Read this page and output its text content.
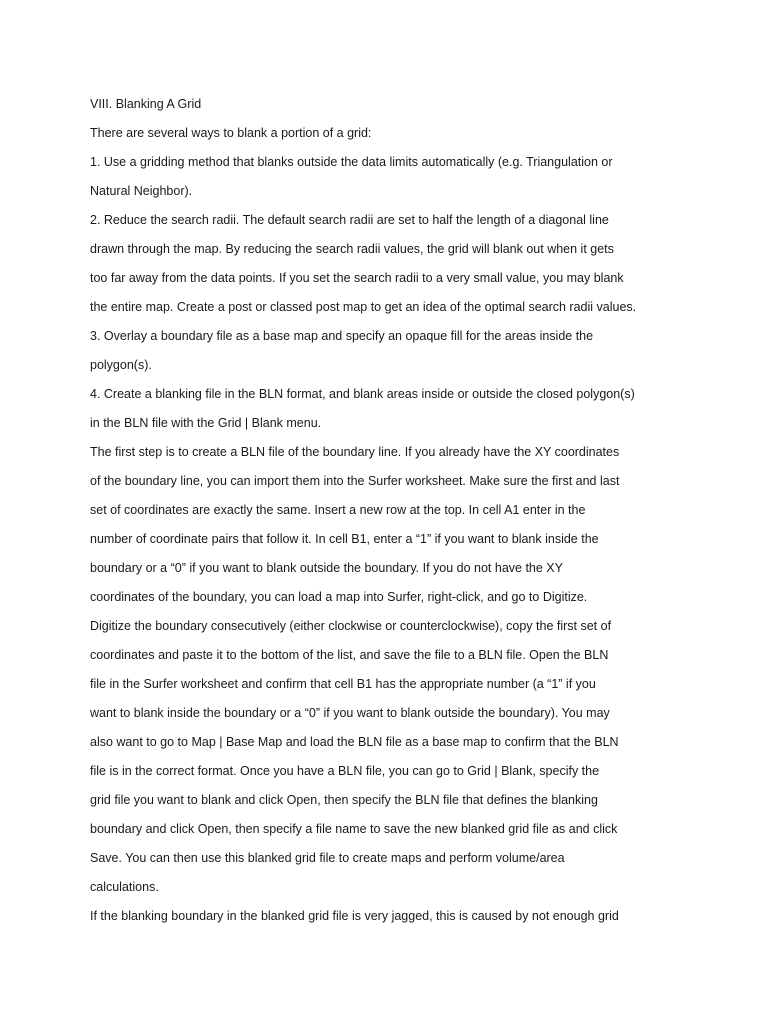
VIII. Blanking A Grid
There are several ways to blank a portion of a grid:
1. Use a gridding method that blanks outside the data limits automatically (e.g. Triangulation or
Natural Neighbor).
2. Reduce the search radii. The default search radii are set to half the length of a diagonal line
drawn through the map. By reducing the search radii values, the grid will blank out when it gets
too far away from the data points. If you set the search radii to a very small value, you may blank
the entire map. Create a post or classed post map to get an idea of the optimal search radii values.
3. Overlay a boundary file as a base map and specify an opaque fill for the areas inside the
polygon(s).
4. Create a blanking file in the BLN format, and blank areas inside or outside the closed polygon(s)
in the BLN file with the Grid | Blank menu.
The first step is to create a BLN file of the boundary line. If you already have the XY coordinates
of the boundary line, you can import them into the Surfer worksheet. Make sure the first and last
set of coordinates are exactly the same. Insert a new row at the top. In cell A1 enter in the
number of coordinate pairs that follow it. In cell B1, enter a “1” if you want to blank inside the
boundary or a “0” if you want to blank outside the boundary. If you do not have the XY
coordinates of the boundary, you can load a map into Surfer, right-click, and go to Digitize.
Digitize the boundary consecutively (either clockwise or counterclockwise), copy the first set of
coordinates and paste it to the bottom of the list, and save the file to a BLN file. Open the BLN
file in the Surfer worksheet and confirm that cell B1 has the appropriate number (a “1” if you
want to blank inside the boundary or a “0” if you want to blank outside the boundary). You may
also want to go to Map | Base Map and load the BLN file as a base map to confirm that the BLN
file is in the correct format. Once you have a BLN file, you can go to Grid | Blank, specify the
grid file you want to blank and click Open, then specify the BLN file that defines the blanking
boundary and click Open, then specify a file name to save the new blanked grid file as and click
Save. You can then use this blanked grid file to create maps and perform volume/area
calculations.
If the blanking boundary in the blanked grid file is very jagged, this is caused by not enough grid
